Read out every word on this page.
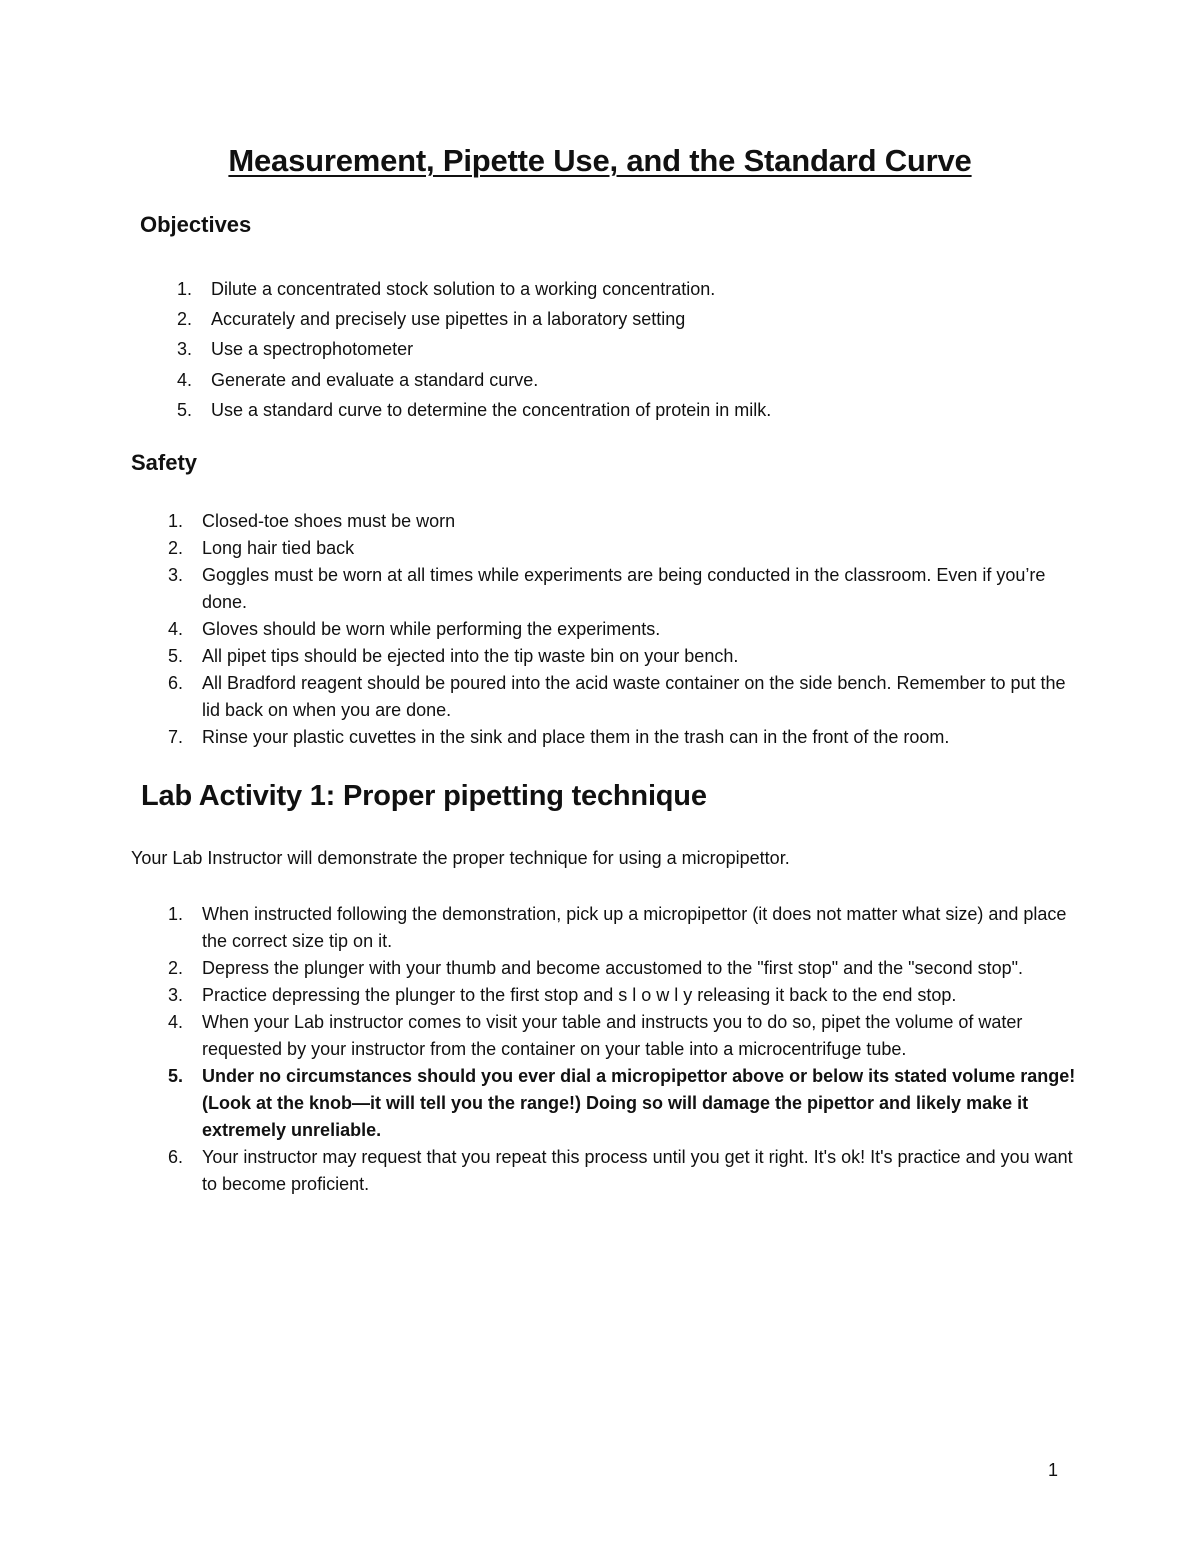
Measurement, Pipette Use, and the Standard Curve
Objectives
1.	Dilute a concentrated stock solution to a working concentration.
2.	Accurately and precisely use pipettes in a laboratory setting
3.	Use a spectrophotometer
4.	Generate and evaluate a standard curve.
5.	Use a standard curve to determine the concentration of protein in milk.
Safety
1.	Closed-toe shoes must be worn
2.	Long hair tied back
3.	Goggles must be worn at all times while experiments are being conducted in the classroom. Even if you’re done.
4.	Gloves should be worn while performing the experiments.
5.	All pipet tips should be ejected into the tip waste bin on your bench.
6.	All Bradford reagent should be poured into the acid waste container on the side bench. Remember to put the lid back on when you are done.
7.	Rinse your plastic cuvettes in the sink and place them in the trash can in the front of the room.
Lab Activity 1: Proper pipetting technique

Your Lab Instructor will demonstrate the proper technique for using a micropipettor.

1.	When instructed following the demonstration, pick up a micropipettor (it does not matter what size) and place the correct size tip on it.
2.	Depress the plunger with your thumb and become accustomed to the "first stop" and the "second stop".
3.	Practice depressing the plunger to the first stop and s l o w l y releasing it back to the end stop.
4.	When your Lab instructor comes to visit your table and instructs you to do so, pipet the volume of water requested by your instructor from the container on your table into a microcentrifuge tube.
5.	Under no circumstances should you ever dial a micropipettor above or below its stated volume range! (Look at the knob—it will tell you the range!) Doing so will damage the pipettor and likely make it extremely unreliable.
6.	Your instructor may request that you repeat this process until you get it right. It's ok! It's practice and you want to become proficient.
1
